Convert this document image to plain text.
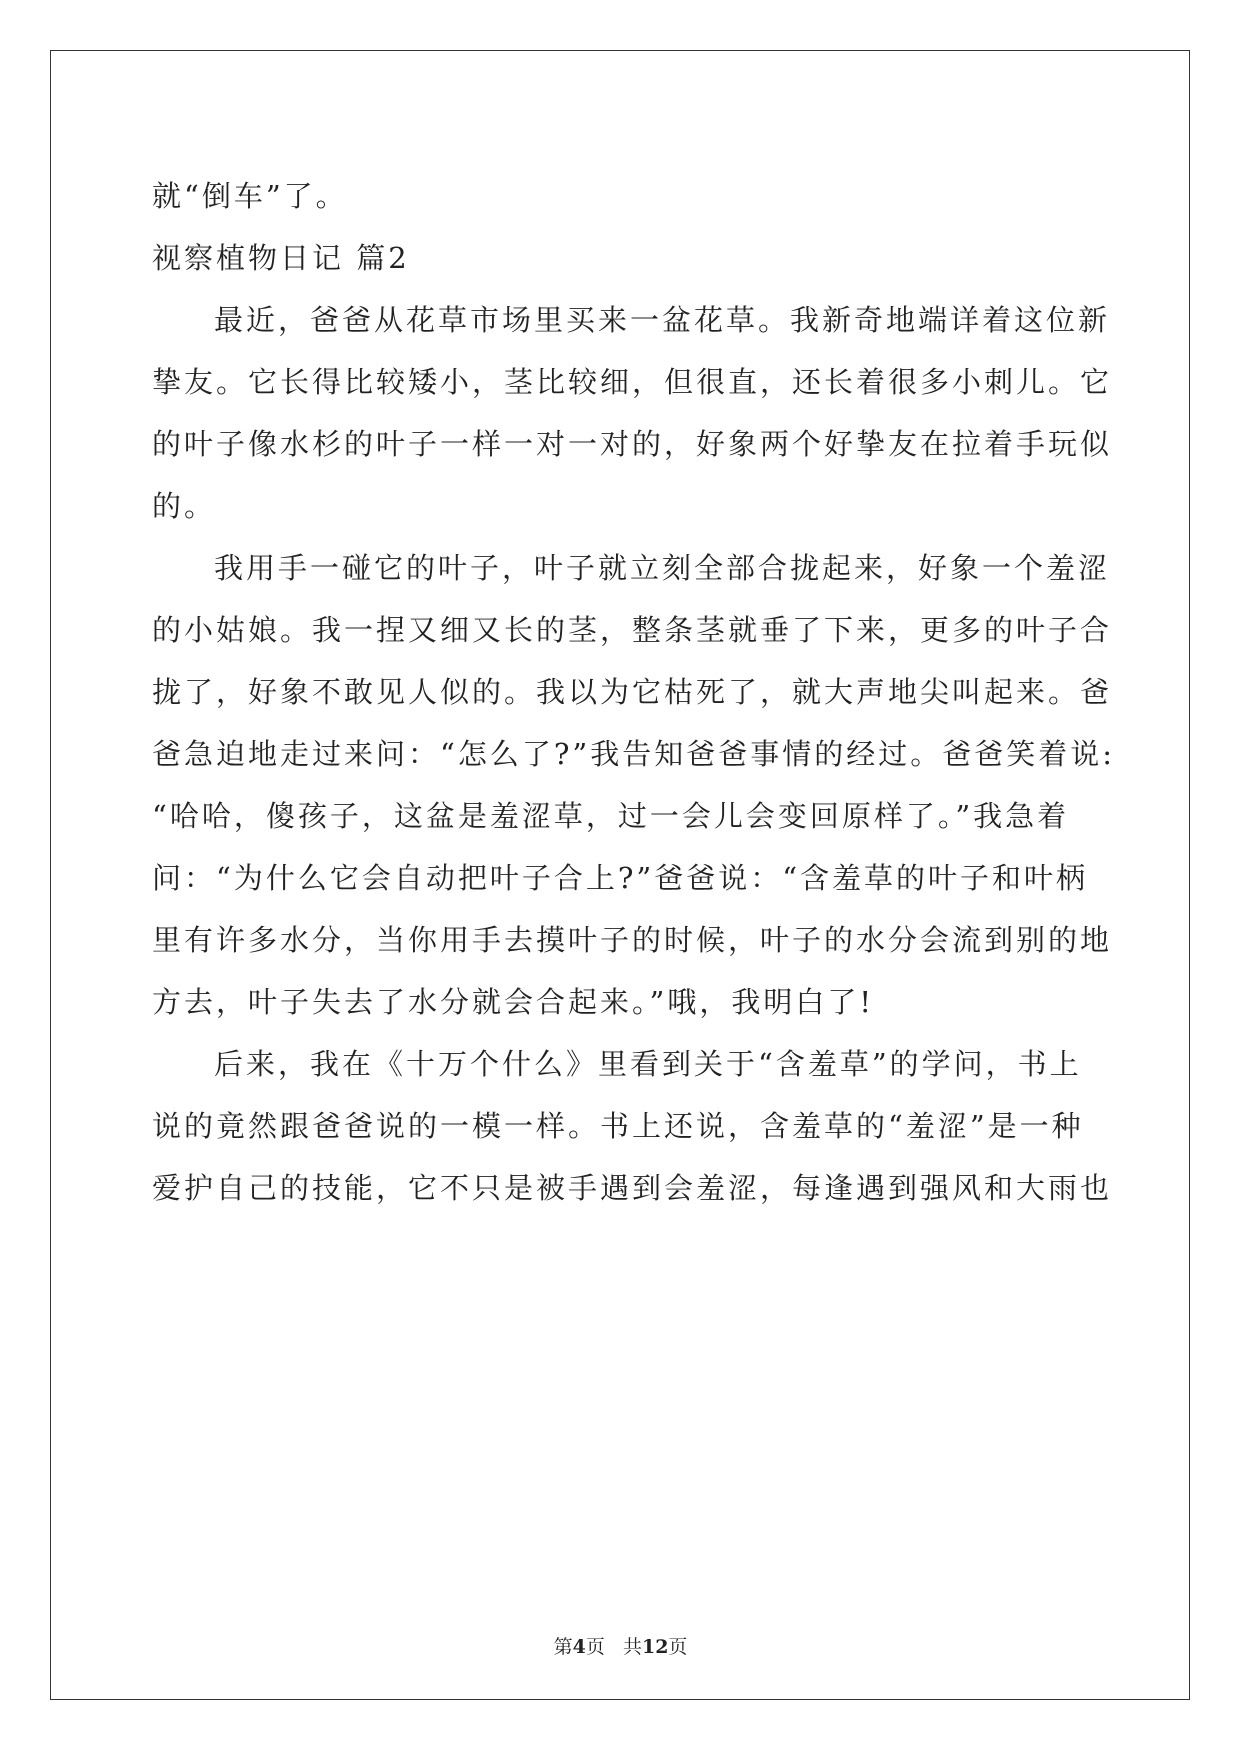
就“倒车”了。
视察植物日记 篇2
最近，爸爸从花草市场里买来一盆花草。我新奇地端详着这位新
挚友。它长得比较矮小，茎比较细，但很直，还长着很多小刺儿。它
的叶子像水杉的叶子一样一对一对的，好象两个好挚友在拉着手玩似
的。
我用手一碰它的叶子，叶子就立刻全部合拢起来，好象一个羞涩
的小姑娘。我一捏又细又长的茎，整条茎就垂了下来，更多的叶子合
拢了，好象不敢见人似的。我以为它枯死了，就大声地尖叫起来。爸
爸急迫地走过来问：“怎么了?”我告知爸爸事情的经过。爸爸笑着说:
“哈哈，傻孩子，这盆是羞涩草，过一会儿会变回原样了。”我急着
问：“为什么它会自动把叶子合上?”爸爸说：“含羞草的叶子和叶柄
里有许多水分，当你用手去摸叶子的时候，叶子的水分会流到别的地
方去，叶子失去了水分就会合起来。”哦，我明白了!
后来，我在《十万个什么》里看到关于“含羞草”的学问，书上
说的竟然跟爸爸说的一模一样。书上还说，含羞草的“羞涩”是一种
爱护自己的技能，它不只是被手遇到会羞涩，每逢遇到强风和大雨也
第4页 共12页
